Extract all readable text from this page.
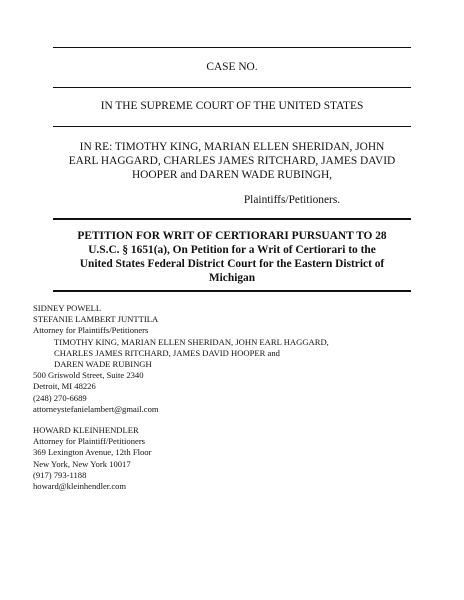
CASE NO.
IN THE SUPREME COURT OF THE UNITED STATES
IN RE: TIMOTHY KING, MARIAN ELLEN SHERIDAN, JOHN
EARL HAGGARD, CHARLES JAMES RITCHARD, JAMES DAVID
HOOPER and DAREN WADE RUBINGH,
Plaintiffs/Petitioners.
PETITION FOR WRIT OF CERTIORARI PURSUANT TO 28
U.S.C. § 1651(a), On Petition for a Writ of Certiorari to the
United States Federal District Court for the Eastern District of
Michigan
SIDNEY POWELL
STEFANIE LAMBERT JUNTTILA
Attorney for Plaintiffs/Petitioners
TIMOTHY KING, MARIAN ELLEN SHERIDAN, JOHN EARL HAGGARD,
CHARLES JAMES RITCHARD, JAMES DAVID HOOPER and
DAREN WADE RUBINGH
500 Griswold Street, Suite 2340
Detroit, MI 48226
(248) 270-6689
attorneystefanielambert@gmail.com
HOWARD KLEINHENDLER
Attorney for Plaintiff/Petitioners
369 Lexington Avenue, 12th Floor
New York, New York 10017
(917) 793-1188
howard@kleinhendler.com
